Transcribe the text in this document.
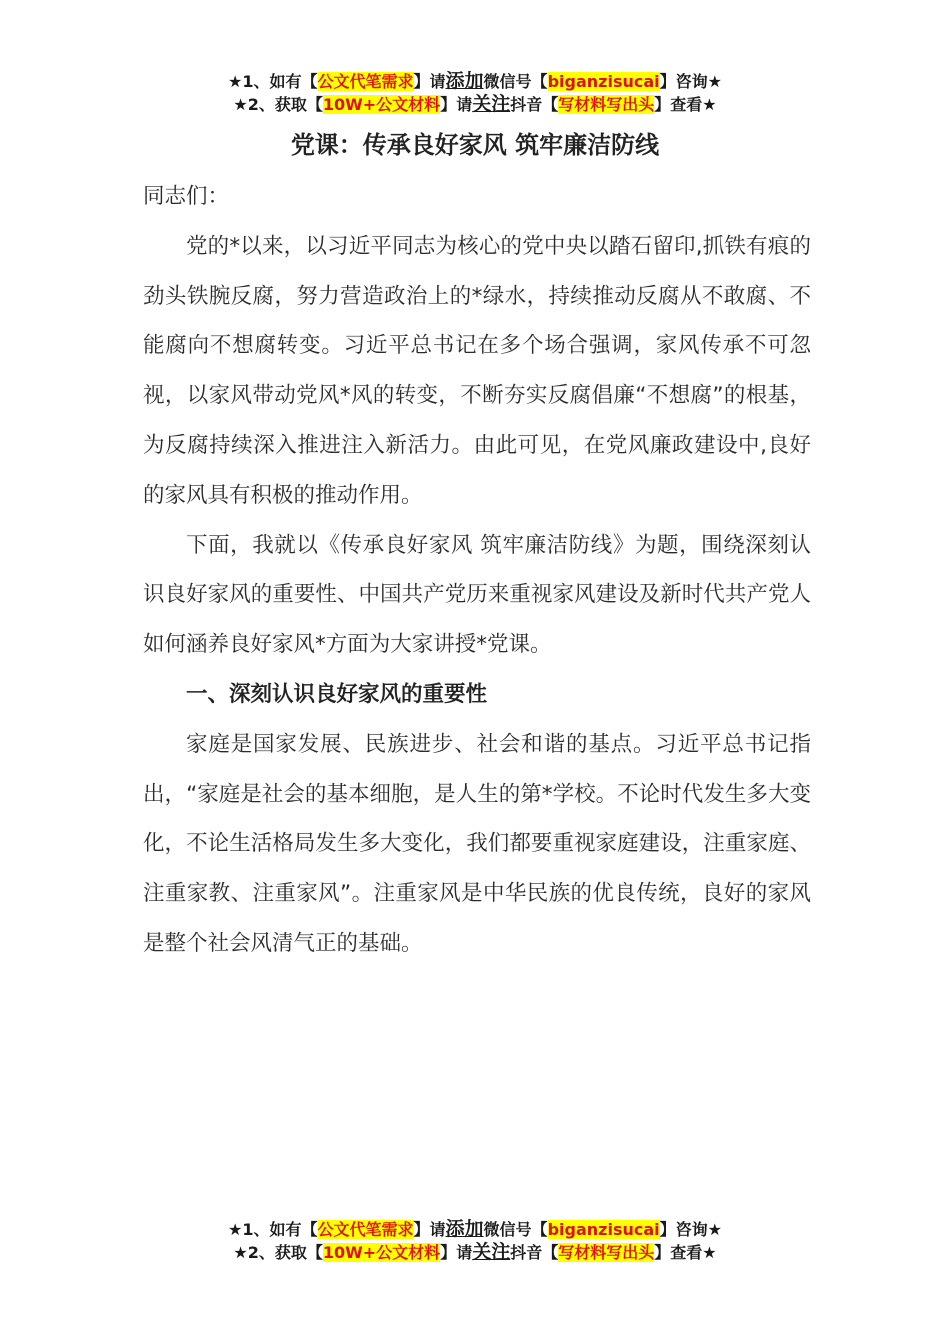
★1、如有【公文代笔需求】请添加微信号【biganzisucai】咨询★
★2、获取【10W+公文材料】请关注抖音【写材料写出头】查看★
党课：传承良好家风 筑牢廉洁防线

同志们：

党的*以来，以习近平同志为核心的党中央以踏石留印,抓铁有痕的劲头铁腕反腐，努力营造政治上的*绿水，持续推动反腐从不敢腐、不能腐向不想腐转变。习近平总书记在多个场合强调，家风传承不可忽视，以家风带动党风*风的转变，不断夯实反腐倡廉“不想腐”的根基，为反腐持续深入推进注入新活力。由此可见，在党风廉政建设中,良好的家风具有积极的推动作用。

下面，我就以《传承良好家风 筑牢廉洁防线》为题，围绕深刻认识良好家风的重要性、中国共产党历来重视家风建设及新时代共产党人如何涵养良好家风*方面为大家讲授*党课。

一、深刻认识良好家风的重要性

家庭是国家发展、民族进步、社会和谐的基点。习近平总书记指出，“家庭是社会的基本细胞，是人生的第*学校。不论时代发生多大变化，不论生活格局发生多大变化，我们都要重视家庭建设，注重家庭、注重家教、注重家风”。注重家风是中华民族的优良传统，良好的家风是整个社会风清气正的基础。

★1、如有【公文代笔需求】请添加微信号【biganzisucai】咨询★
★2、获取【10W+公文材料】请关注抖音【写材料写出头】查看★
